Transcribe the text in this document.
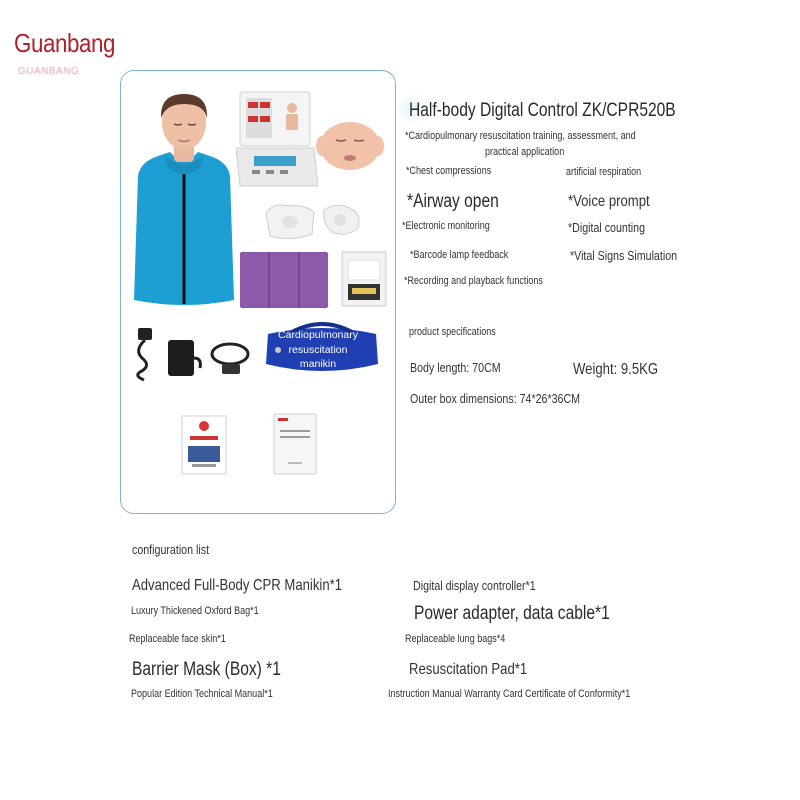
Guanbang
GUANBANG
Cardiopulmonary
resuscitation
manikin
Half-body Digital Control ZK/CPR520B
*Cardiopulmonary resuscitation training, assessment, and
practical application
*Chest compressions	artificial respiration
*Airway open	*Voice prompt
*Electronic monitoring	*Digital counting
*Barcode lamp feedback	*Vital Signs Simulation
*Recording and playback functions
product specifications
Body length: 70CM	Weight: 9.5KG
Outer box dimensions: 74*26*36CM
configuration list
Advanced Full-Body CPR Manikin*1	Digital display controller*1
Luxury Thickened Oxford Bag*1	Power adapter, data cable*1
Replaceable face skin*1	Replaceable lung bags*4
Barrier Mask (Box) *1	Resuscitation Pad*1
Popular Edition Technical Manual*1	Instruction Manual Warranty Card Certificate of Conformity*1
